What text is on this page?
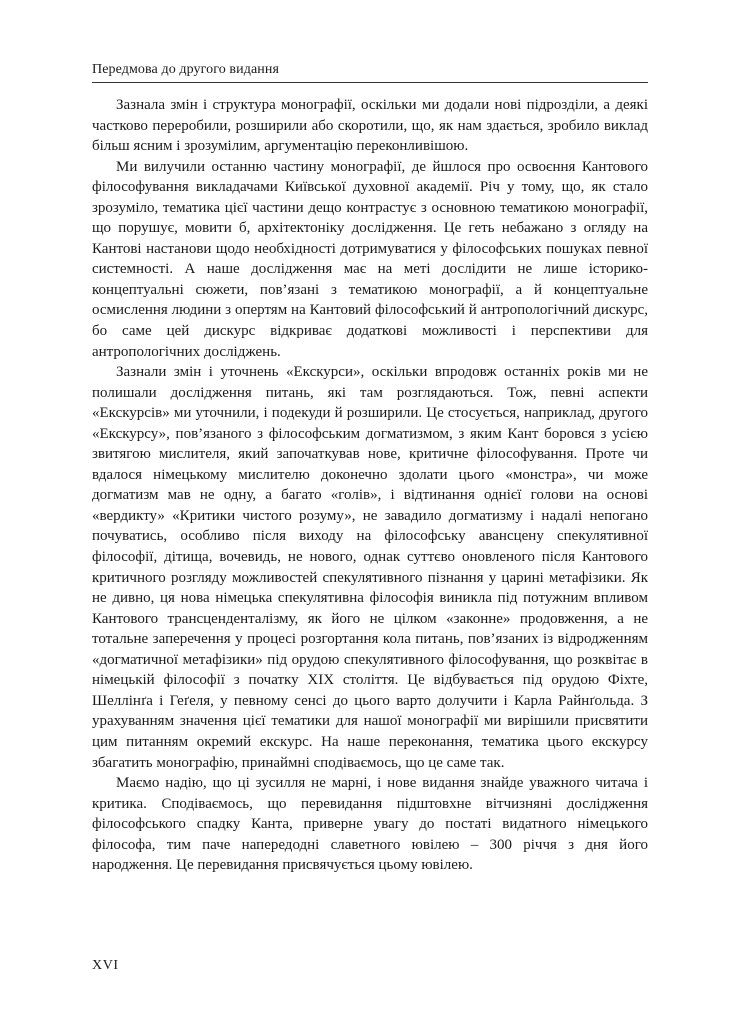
Передмова до другого видання

Зазнала змін і структура монографії, оскільки ми додали нові підрозділи, а деякі частково переробили, розширили або скоротили, що, як нам здається, зробило виклад більш ясним і зрозумілим, аргументацію переконливішою.

Ми вилучили останню частину монографії, де йшлося про освоєння Кантового філософування викладачами Київської духовної академії. Річ у тому, що, як стало зрозуміло, тематика цієї частини дещо контрастує з основною тематикою монографії, що порушує, мовити б, архітектоніку дослідження. Це геть небажано з огляду на Кантові настанови щодо необхідності дотримуватися у філософських пошуках певної системності. А наше дослідження має на меті дослідити не лише історико-концептуальні сюжети, пов’язані з тематикою монографії, а й концептуальне осмислення людини з опертям на Кантовий філософський й антропологічний дискурс, бо саме цей дискурс відкриває додаткові можливості і перспективи для антропологічних досліджень.

Зазнали змін і уточнень «Екскурси», оскільки впродовж останніх років ми не полишали дослідження питань, які там розглядаються. Тож, певні аспекти «Екскурсів» ми уточнили, і подекуди й розширили. Це стосується, наприклад, другого «Екскурсу», пов’язаного з філософським догматизмом, з яким Кант боровся з усією звитягою мислителя, який започаткував нове, критичне філософування. Проте чи вдалося німецькому мислителю доконечно здолати цього «монстра», чи може догматизм мав не одну, а багато «голів», і відтинання однієї голови на основі «вердикту» «Критики чистого розуму», не завадило догматизму і надалі непогано почуватись, особливо після виходу на філософську авансцену спекулятивної філософії, дітища, вочевидь, не нового, однак суттєво оновленого після Кантового критичного розгляду можливостей спекулятивного пізнання у царині метафізики. Як не дивно, ця нова німецька спекулятивна філософія виникла під потужним впливом Кантового трансценденталізму, як його не цілком «законне» продовження, а не тотальне заперечення у процесі розгортання кола питань, пов’язаних із відродженням «догматичної метафізики» під орудою спекулятивного філософування, що розквітає в німецькій філософії з початку XIX століття. Це відбувається під орудою Фіхте, Шеллінґа і Геґеля, у певному сенсі до цього варто долучити і Карла Райнґольда. З урахуванням значення цієї тематики для нашої монографії ми вирішили присвятити цим питанням окремий екскурс. На наше переконання, тематика цього екскурсу збагатить монографію, принаймні сподіваємось, що це саме так.

Маємо надію, що ці зусилля не марні, і нове видання знайде уважного читача і критика. Сподіваємось, що перевидання підштовхне вітчизняні дослідження філософського спадку Канта, приверне увагу до постаті видатного німецького філософа, тим паче напередодні славетного ювілею – 300 річчя з дня його народження. Це перевидання присвячується цьому ювілею.

XVI
